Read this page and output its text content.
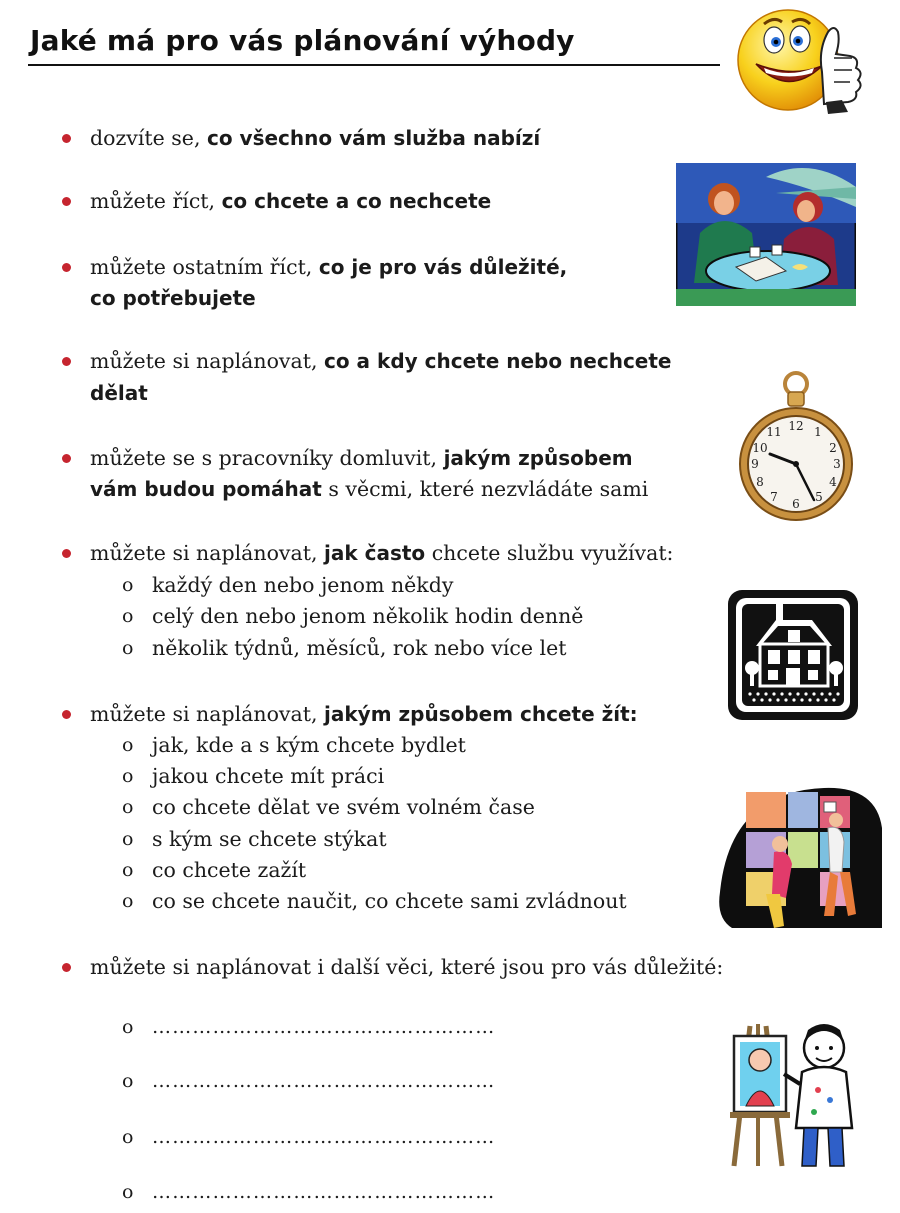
Jaké má pro vás plánování výhody
dozvíte se, co všechno vám služba nabízí
můžete říct, co chcete a co nechcete
můžete ostatním říct, co je pro vás důležité,
co potřebujete
můžete si naplánovat, co a kdy chcete nebo nechcete
dělat
můžete se s pracovníky domluvit, jakým způsobem
vám budou pomáhat s věcmi, které nezvládáte sami
můžete si naplánovat, jak často chcete službu využívat:
o každý den nebo jenom někdy
o celý den nebo jenom několik hodin denně
o několik týdnů, měsíců, rok nebo více let
můžete si naplánovat, jakým způsobem chcete žít:
o jak, kde a s kým chcete bydlet
o jakou chcete mít práci
o co chcete dělat ve svém volném čase
o s kým se chcete stýkat
o co chcete zažít
o co se chcete naučit, co chcete sami zvládnout
můžete si naplánovat i další věci, které jsou pro vás důležité:
o ……………………………………………
o ……………………………………………
o ……………………………………………
o ……………………………………………
12 1
2
3
4
5
6
7
8
9
10
11
